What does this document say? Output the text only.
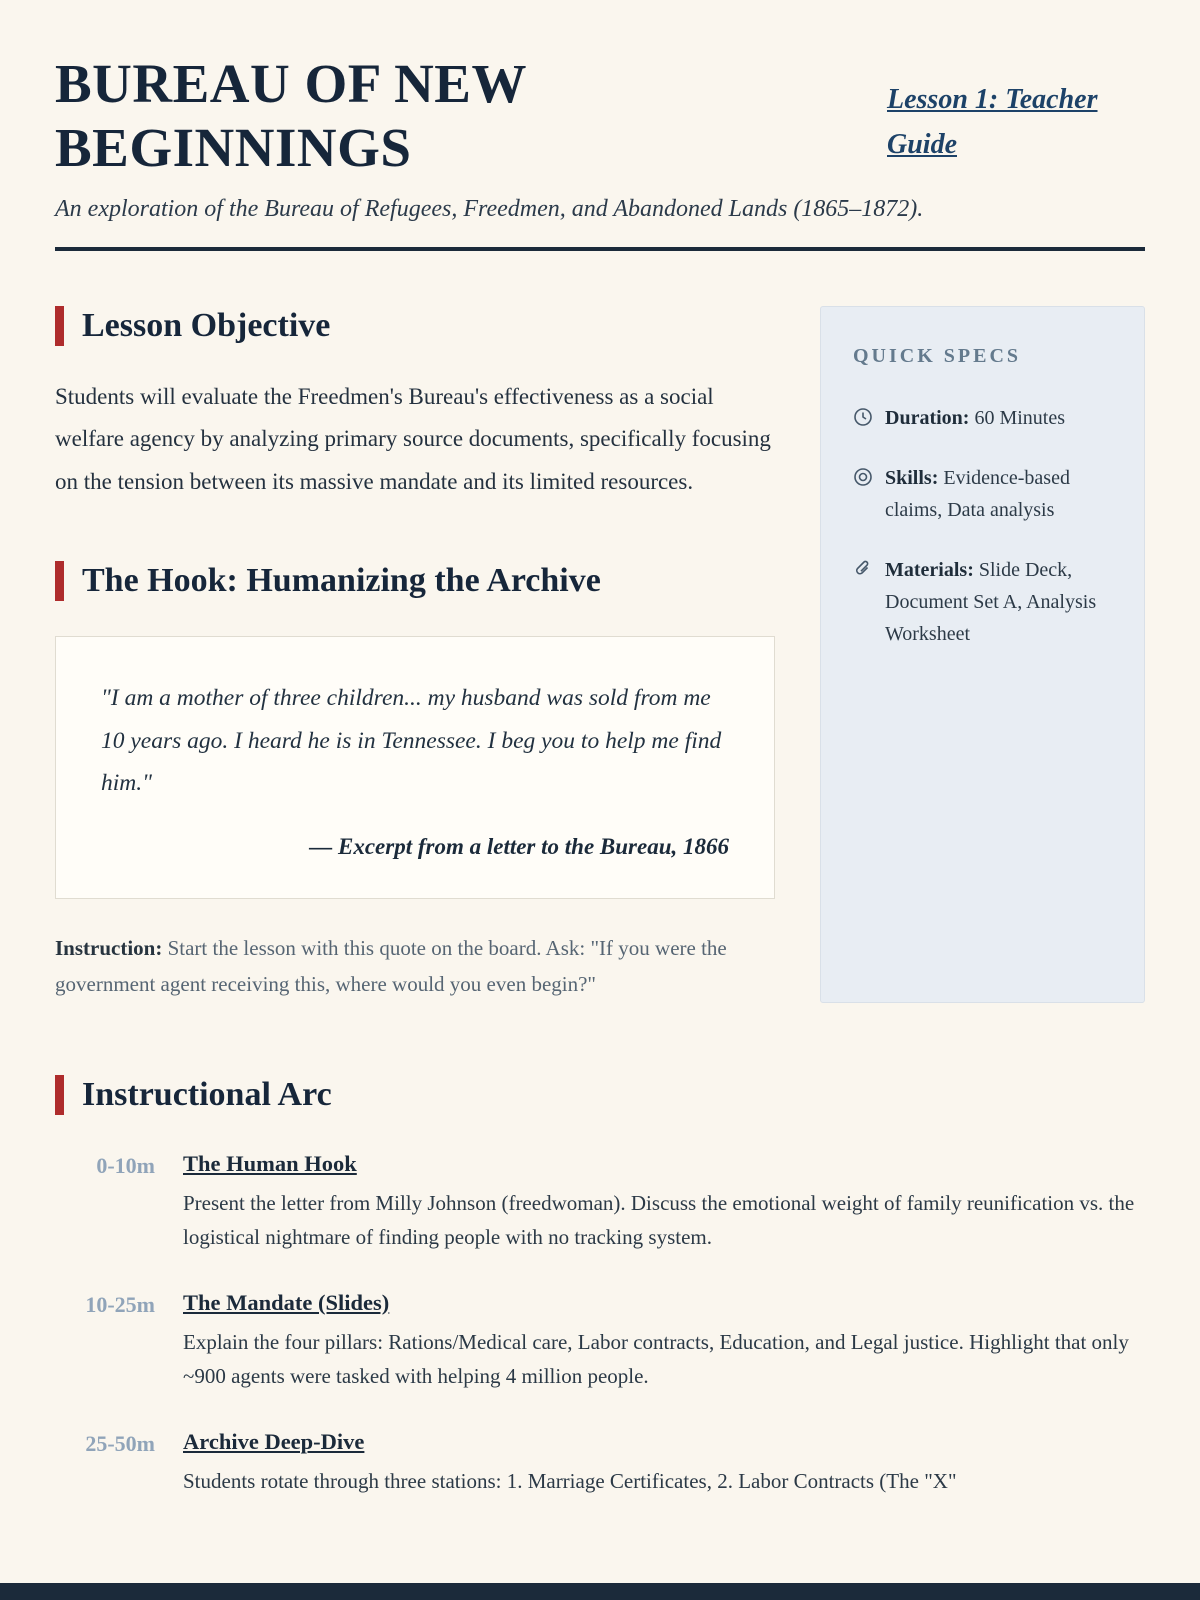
BUREAU OF NEW BEGINNINGS
Lesson 1: Teacher Guide

An exploration of the Bureau of Refugees, Freedmen, and Abandoned Lands (1865–1872).

Lesson Objective

Students will evaluate the Freedmen's Bureau's effectiveness as a social welfare agency by analyzing primary source documents, specifically focusing on the tension between its massive mandate and its limited resources.

The Hook: Humanizing the Archive

"I am a mother of three children... my husband was sold from me 10 years ago. I heard he is in Tennessee. I beg you to help me find him."

— Excerpt from a letter to the Bureau, 1866

Instruction: Start the lesson with this quote on the board. Ask: "If you were the government agent receiving this, where would you even begin?"

QUICK SPECS
Duration: 60 Minutes
Skills: Evidence-based claims, Data analysis
Materials: Slide Deck, Document Set A, Analysis Worksheet
Instructional Arc
0-10m The Human Hook

Present the letter from Milly Johnson (freedwoman). Discuss the emotional weight of family reunification vs. the logistical nightmare of finding people with no tracking system.

10-25m The Mandate (Slides)

Explain the four pillars: Rations/Medical care, Labor contracts, Education, and Legal justice. Highlight that only ~900 agents were tasked with helping 4 million people.

25-50m Archive Deep-Dive

Students rotate through three stations: 1. Marriage Certificates, 2. Labor Contracts (The "X"
